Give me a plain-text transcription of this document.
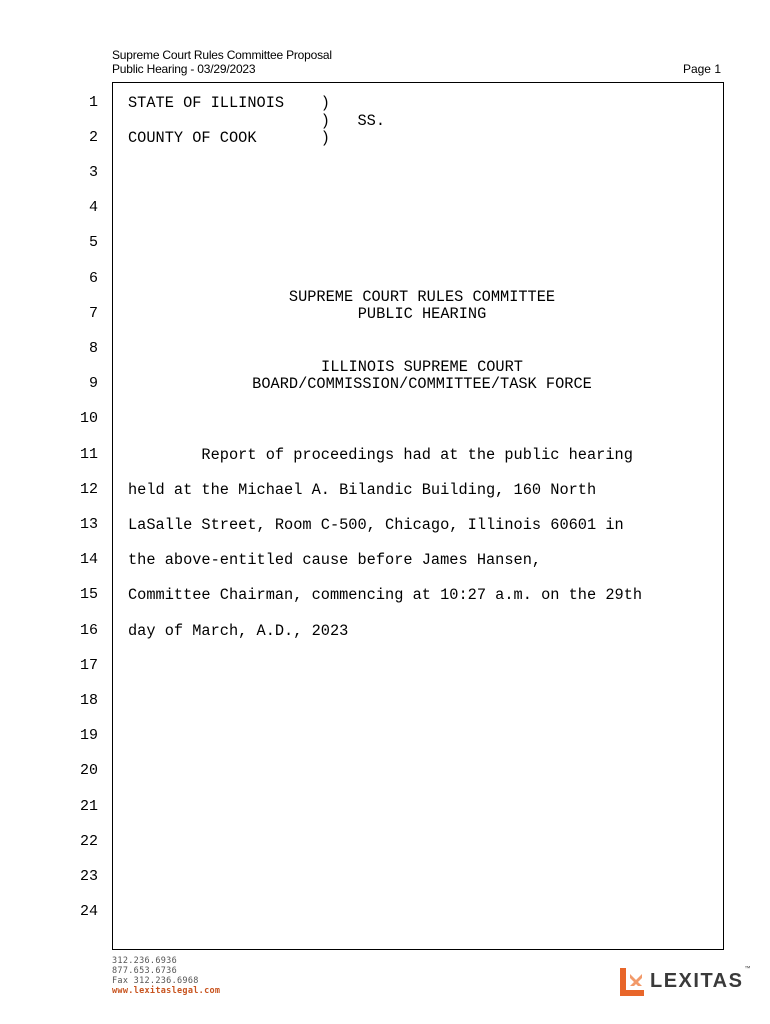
Supreme Court Rules Committee Proposal
Public Hearing - 03/29/2023	Page 1
1
2
3
4
5
6
7
8
9
10
11
12
13
14
15
16
17
18
19
20
21
22
23
24
STATE OF ILLINOIS    )
)   SS.
COUNTY OF COOK       )
SUPREME COURT RULES COMMITTEE
PUBLIC HEARING
ILLINOIS SUPREME COURT
BOARD/COMMISSION/COMMITTEE/TASK FORCE
Report of proceedings had at the public hearing
held at the Michael A. Bilandic Building, 160 North
LaSalle Street, Room C-500, Chicago, Illinois 60601 in
the above-entitled cause before James Hansen,
Committee Chairman, commencing at 10:27 a.m. on the 29th
day of March, A.D., 2023
312.236.6936
877.653.6736
Fax 312.236.6968
www.lexitaslegal.com	LEXITAS
™
